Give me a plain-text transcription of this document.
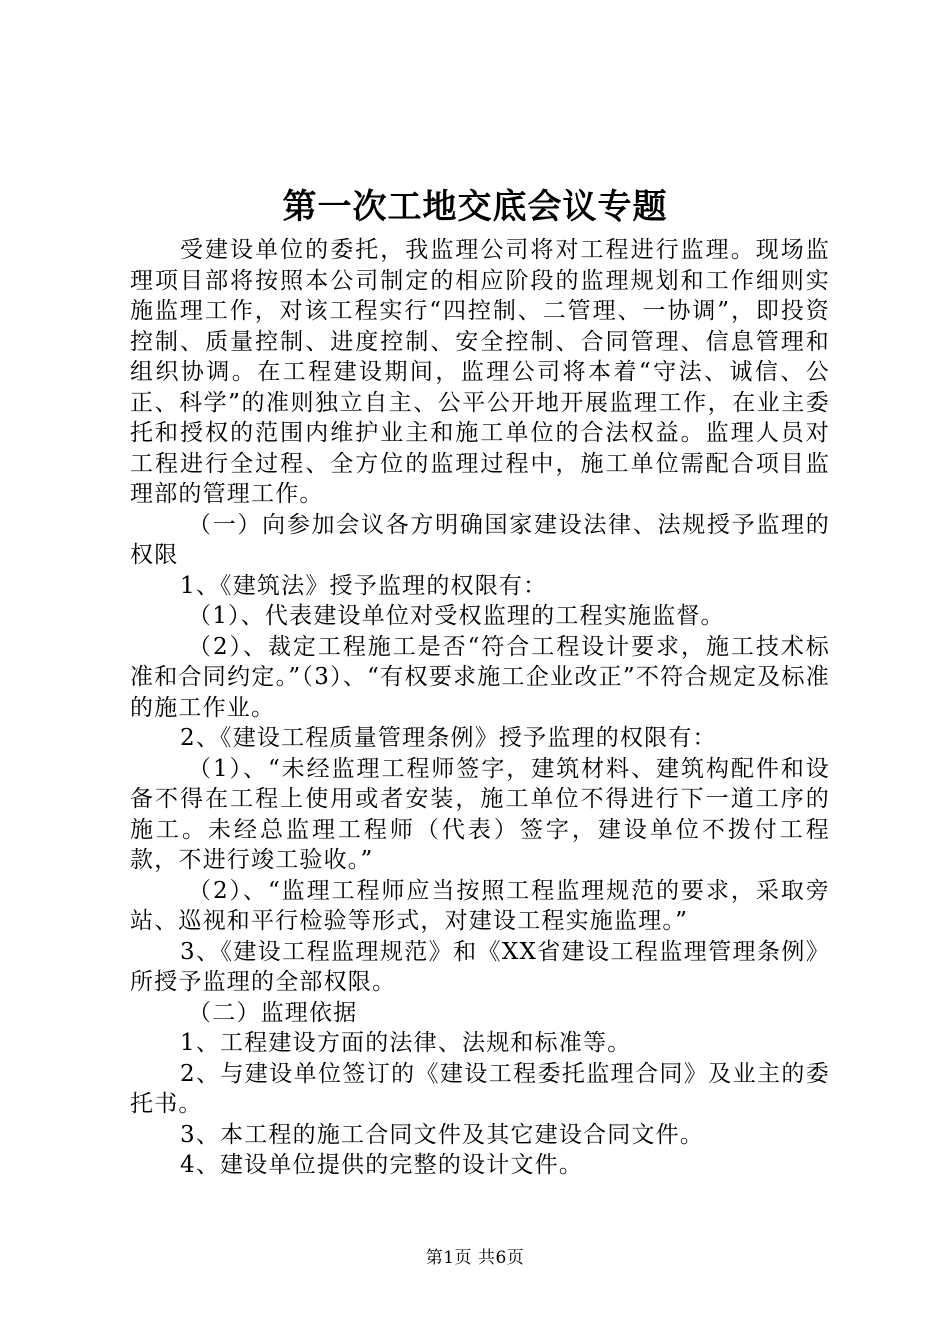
第一次工地交底会议专题

受建设单位的委托，我监理公司将对工程进行监理。现场监理项目部将按照本公司制定的相应阶段的监理规划和工作细则实施监理工作，对该工程实行“四控制、二管理、一协调”，即投资控制、质量控制、进度控制、安全控制、合同管理、信息管理和组织协调。在工程建设期间，监理公司将本着“守法、诚信、公正、科学”的准则独立自主、公平公开地开展监理工作，在业主委托和授权的范围内维护业主和施工单位的合法权益。监理人员对工程进行全过程、全方位的监理过程中，施工单位需配合项目监理部的管理工作。

（一）向参加会议各方明确国家建设法律、法规授予监理的权限

1、《建筑法》授予监理的权限有：

（1）、代表建设单位对受权监理的工程实施监督。

（2）、裁定工程施工是否“符合工程设计要求，施工技术标准和合同约定。”（3）、“有权要求施工企业改正”不符合规定及标准的施工作业。

2、《建设工程质量管理条例》授予监理的权限有：

（1）、“未经监理工程师签字，建筑材料、建筑构配件和设备不得在工程上使用或者安装，施工单位不得进行下一道工序的施工。未经总监理工程师（代表）签字，建设单位不拨付工程款，不进行竣工验收。”

（2）、“监理工程师应当按照工程监理规范的要求，采取旁站、巡视和平行检验等形式，对建设工程实施监理。”

3、《建设工程监理规范》和《XX省建设工程监理管理条例》所授予监理的全部权限。

（二）监理依据

1、工程建设方面的法律、法规和标准等。

2、与建设单位签订的《建设工程委托监理合同》及业主的委托书。

3、本工程的施工合同文件及其它建设合同文件。

4、建设单位提供的完整的设计文件。

第1页 共6页
